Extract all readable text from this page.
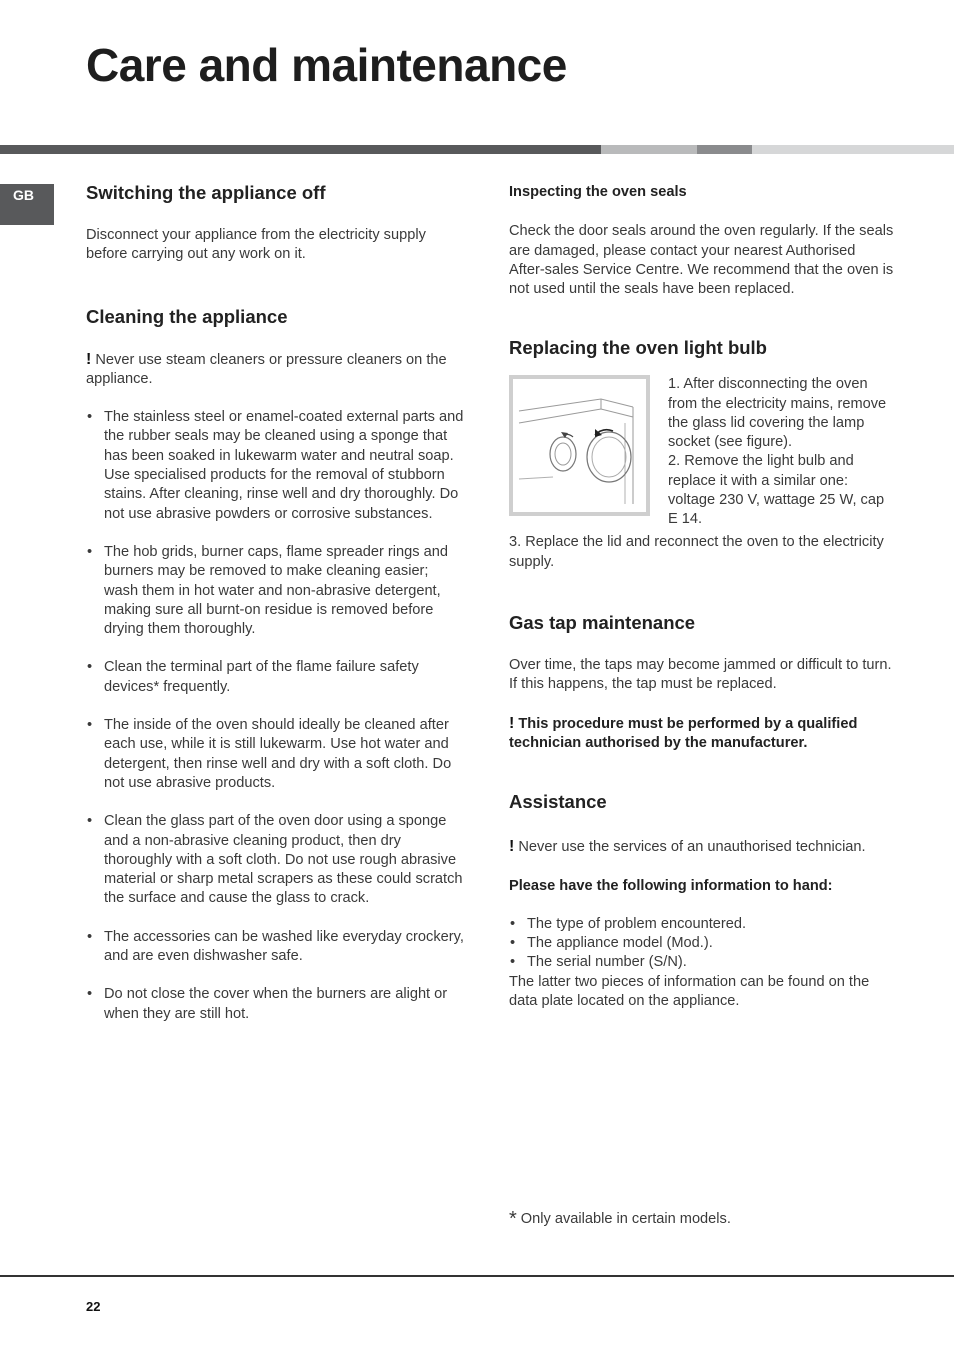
Care and maintenance
GB	Switching the appliance off

Disconnect your appliance from the electricity supply before carrying out any work on it.

Cleaning the appliance

! Never use steam cleaners or pressure cleaners on the appliance.

• The stainless steel or enamel-coated external parts and the rubber seals may be cleaned using a sponge that has been soaked in lukewarm water and neutral soap. Use specialised products for the removal of stubborn stains. After cleaning, rinse well and dry thoroughly. Do not use abrasive powders or corrosive substances.
• The hob grids, burner caps, flame spreader rings and burners may be removed to make cleaning easier; wash them in hot water and non-abrasive detergent, making sure all burnt-on residue is removed before drying them thoroughly.
• Clean the terminal part of the flame failure safety devices* frequently.
• The inside of the oven should ideally be cleaned after each use, while it is still lukewarm. Use hot water and detergent, then rinse well and dry with a soft cloth. Do not use abrasive products.
• Clean the glass part of the oven door using a sponge and a non-abrasive cleaning product, then dry thoroughly with a soft cloth. Do not use rough abrasive material or sharp metal scrapers as these could scratch the surface and cause the glass to crack.
• The accessories can be washed like everyday crockery, and are even dishwasher safe.
• Do not close the cover when the burners are alight or when they are still hot.
Inspecting the oven seals

Check the door seals around the oven regularly. If the seals are damaged, please contact your nearest Authorised After-sales Service Centre. We recommend that the oven is not used until the seals have been replaced.

Replacing the oven light bulb

1. After disconnecting the oven from the electricity mains, remove the glass lid covering the lamp socket (see figure).

2. Remove the light bulb and replace it with a similar one: voltage 230 V, wattage 25 W, cap E 14.

3. Replace the lid and reconnect the oven to the electricity supply.

Gas tap maintenance

Over time, the taps may become jammed or difficult to turn. If this happens, the tap must be replaced.

! This procedure must be performed by a qualified technician authorised by the manufacturer.

Assistance

! Never use the services of an unauthorised technician.

Please have the following information to hand:

• The type of problem encountered.
• The appliance model (Mod.).
• The serial number (S/N).

The latter two pieces of information can be found on the data plate located on the appliance.

* Only available in certain models.
22
